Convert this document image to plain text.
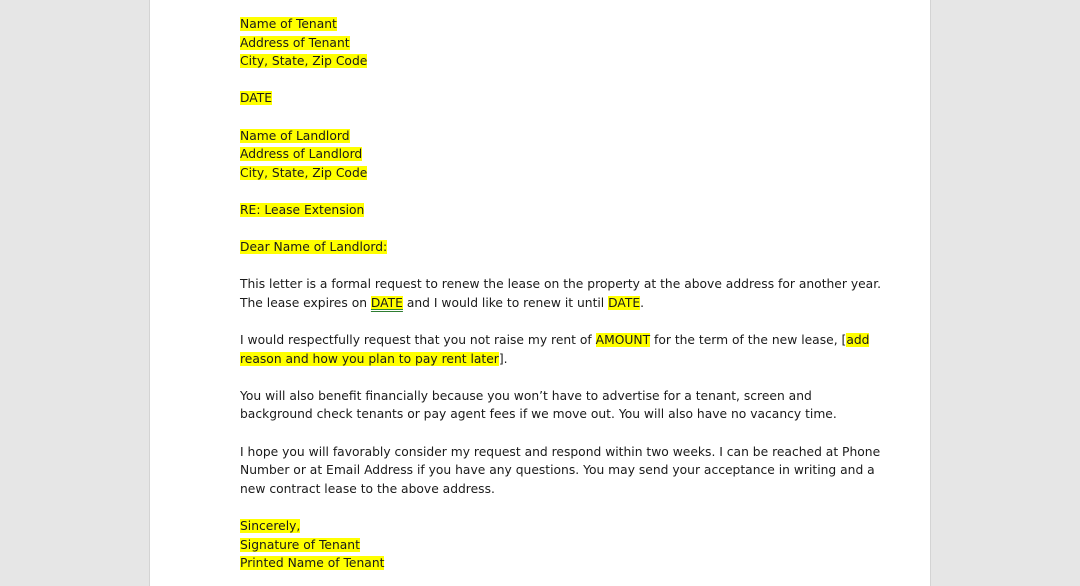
Name of Tenant
Address of Tenant
City, State, Zip Code
DATE
Name of Landlord
Address of Landlord
City, State, Zip Code
RE: Lease Extension
Dear Name of Landlord:
This letter is a formal request to renew the lease on the property at the above address for another year.
The lease expires on DATE and I would like to renew it until DATE.
I would respectfully request that you not raise my rent of AMOUNT for the term of the new lease, [add
reason and how you plan to pay rent later].
You will also benefit financially because you won’t have to advertise for a tenant, screen and
background check tenants or pay agent fees if we move out. You will also have no vacancy time.
I hope you will favorably consider my request and respond within two weeks. I can be reached at Phone
Number or at Email Address if you have any questions. You may send your acceptance in writing and a
new contract lease to the above address.
Sincerely,
Signature of Tenant
Printed Name of Tenant
